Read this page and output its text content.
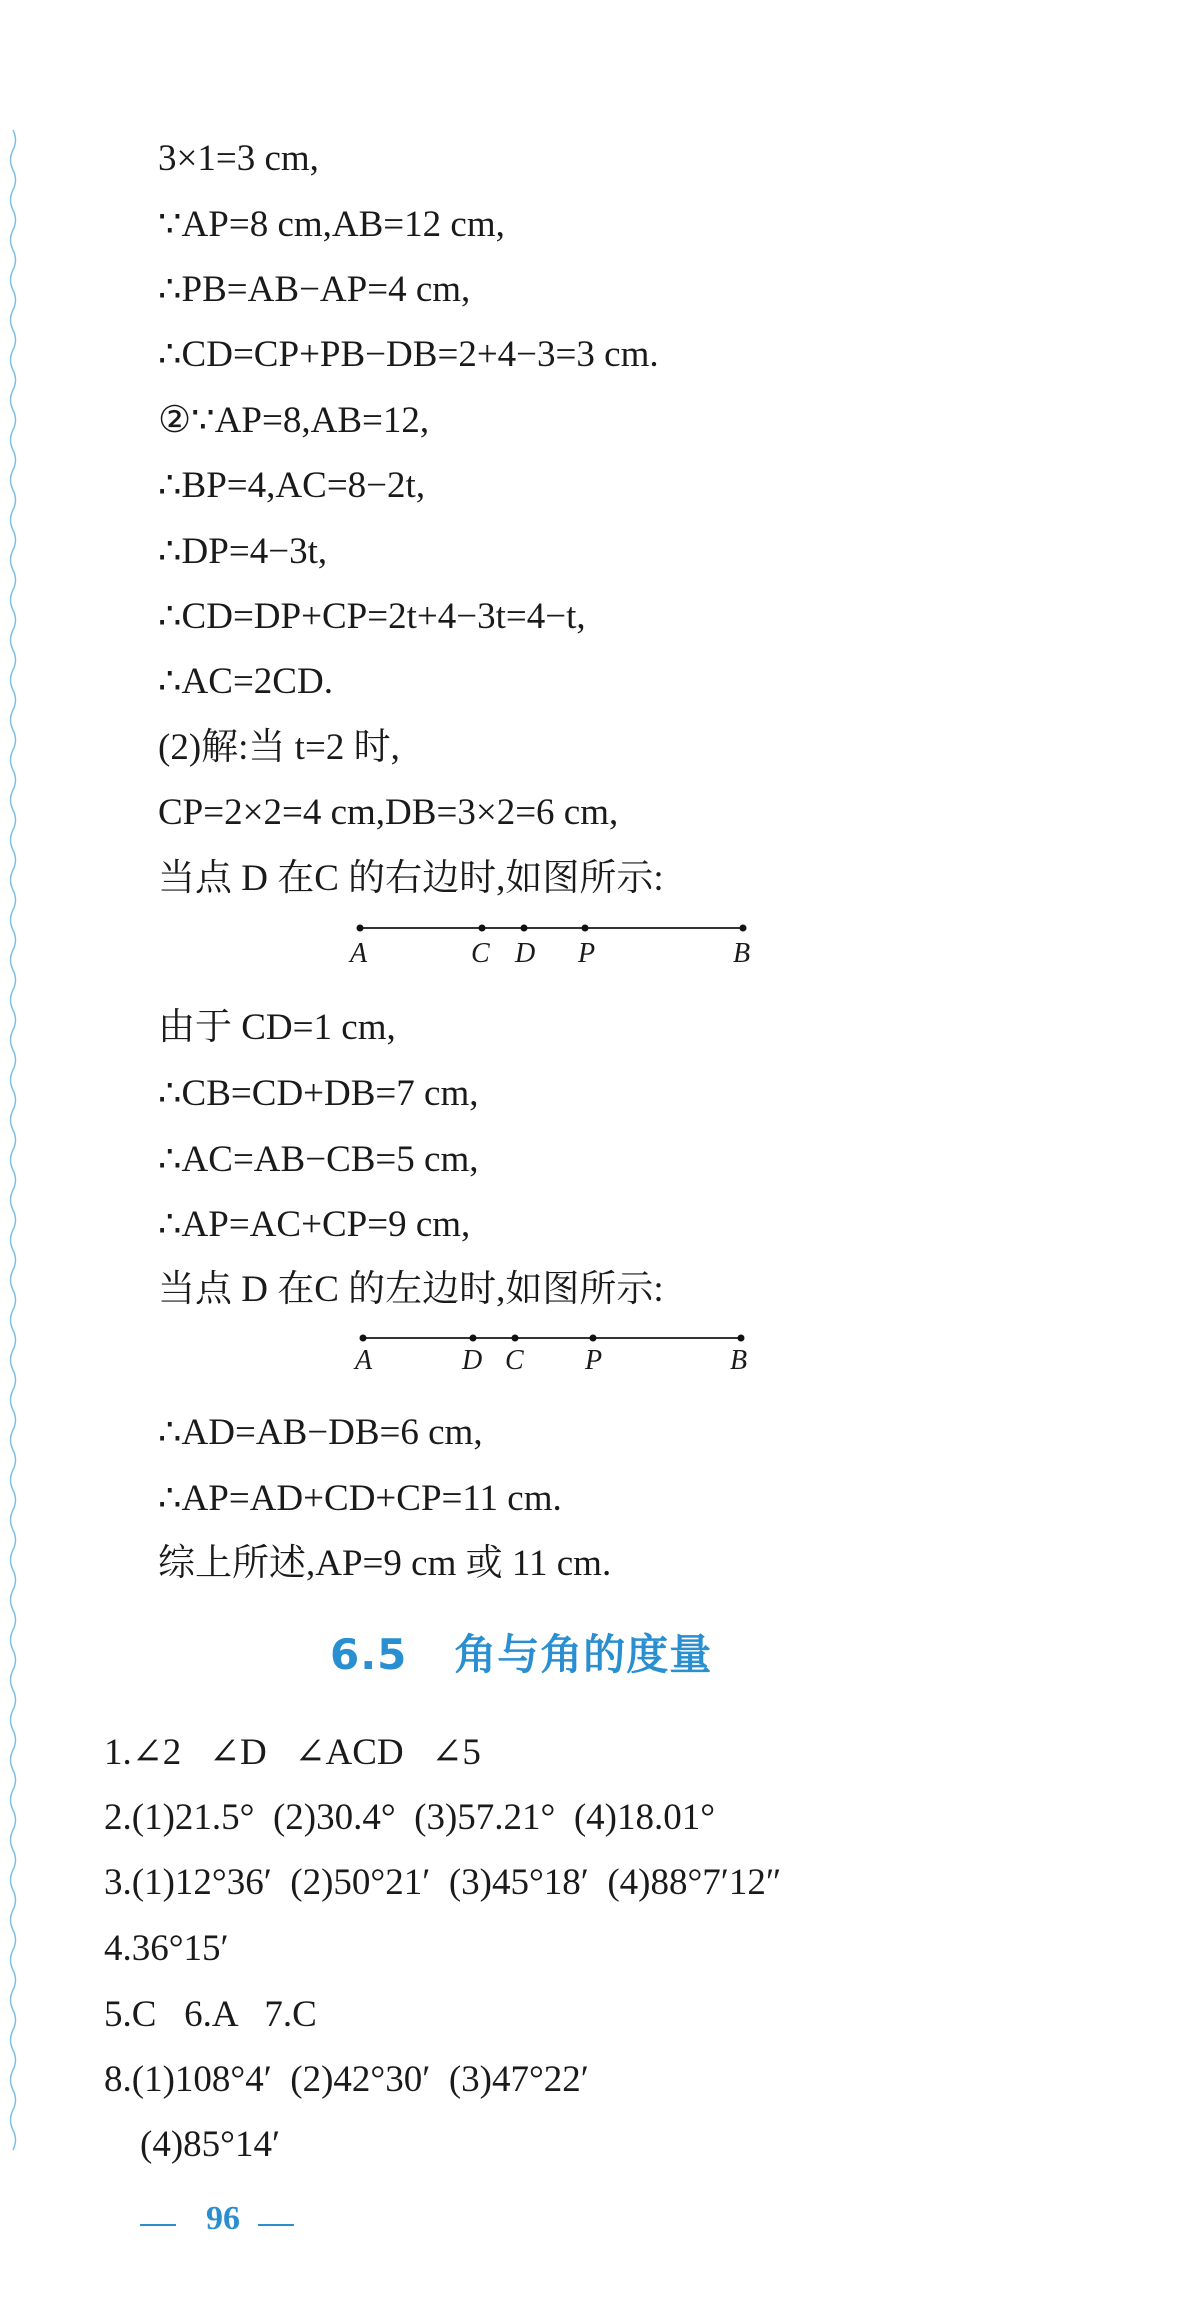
3×1=3 cm,
∵AP=8 cm,AB=12 cm,
∴PB=AB−AP=4 cm,
∴CD=CP+PB−DB=2+4−3=3 cm.
②∵AP=8,AB=12,
∴BP=4,AC=8−2t,
∴DP=4−3t,
∴CD=DP+CP=2t+4−3t=4−t,
∴AC=2CD.
(2)解:当 t=2 时,
CP=2×2=4 cm,DB=3×2=6 cm,
当点 D 在C 的右边时,如图所示:
A	C D P	B
由于 CD=1 cm,
∴CB=CD+DB=7 cm,
∴AC=AB−CB=5 cm,
∴AP=AC+CP=9 cm,
当点 D 在C 的左边时,如图所示:
A	D C P	B
∴AD=AB−DB=6 cm,
∴AP=AD+CD+CP=11 cm.
综上所述,AP=9 cm 或 11 cm.
6.5   角与角的度量
1.∠2   ∠D   ∠ACD   ∠5
2.(1)21.5°  (2)30.4°  (3)57.21°  (4)18.01°
3.(1)12°36′  (2)50°21′  (3)45°18′  (4)88°7′12″
4.36°15′
5.C   6.A   7.C
8.(1)108°4′  (2)42°30′  (3)47°22′
(4)85°14′
96
